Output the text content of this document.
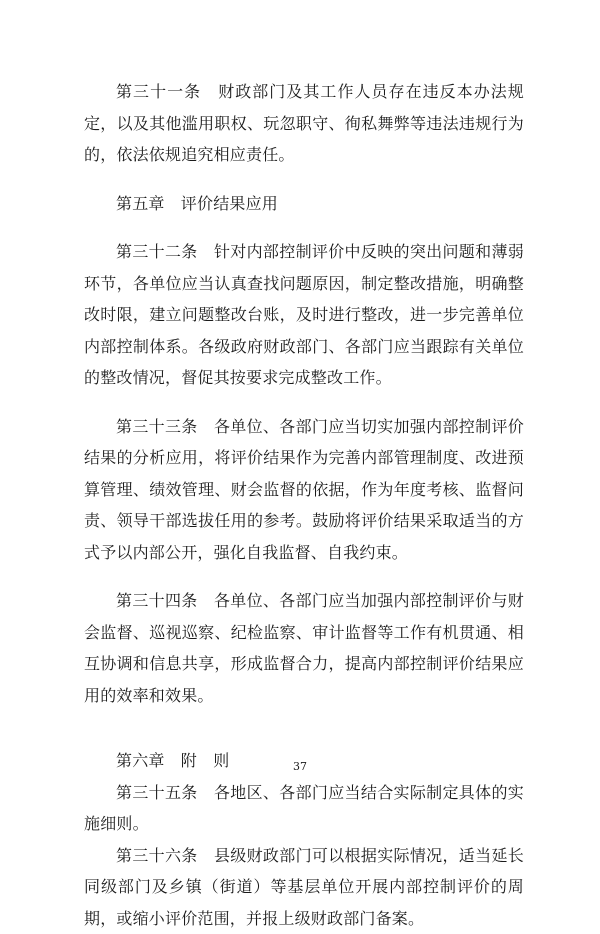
第三十一条　财政部门及其工作人员存在违反本办法规定，以及其他滥用职权、玩忽职守、徇私舞弊等违法违规行为的，依法依规追究相应责任。

第五章　评价结果应用

第三十二条　针对内部控制评价中反映的突出问题和薄弱环节，各单位应当认真查找问题原因，制定整改措施，明确整改时限，建立问题整改台账，及时进行整改，进一步完善单位内部控制体系。各级政府财政部门、各部门应当跟踪有关单位的整改情况，督促其按要求完成整改工作。

第三十三条　各单位、各部门应当切实加强内部控制评价结果的分析应用，将评价结果作为完善内部管理制度、改进预算管理、绩效管理、财会监督的依据，作为年度考核、监督问责、领导干部选拔任用的参考。鼓励将评价结果采取适当的方式予以内部公开，强化自我监督、自我约束。

第三十四条　各单位、各部门应当加强内部控制评价与财会监督、巡视巡察、纪检监察、审计监督等工作有机贯通、相互协调和信息共享，形成监督合力，提高内部控制评价结果应用的效率和效果。

第六章　附　则

第三十五条　各地区、各部门应当结合实际制定具体的实施细则。

第三十六条　县级财政部门可以根据实际情况，适当延长同级部门及乡镇（街道）等基层单位开展内部控制评价的周期，或缩小评价范围，并报上级财政部门备案。

37
